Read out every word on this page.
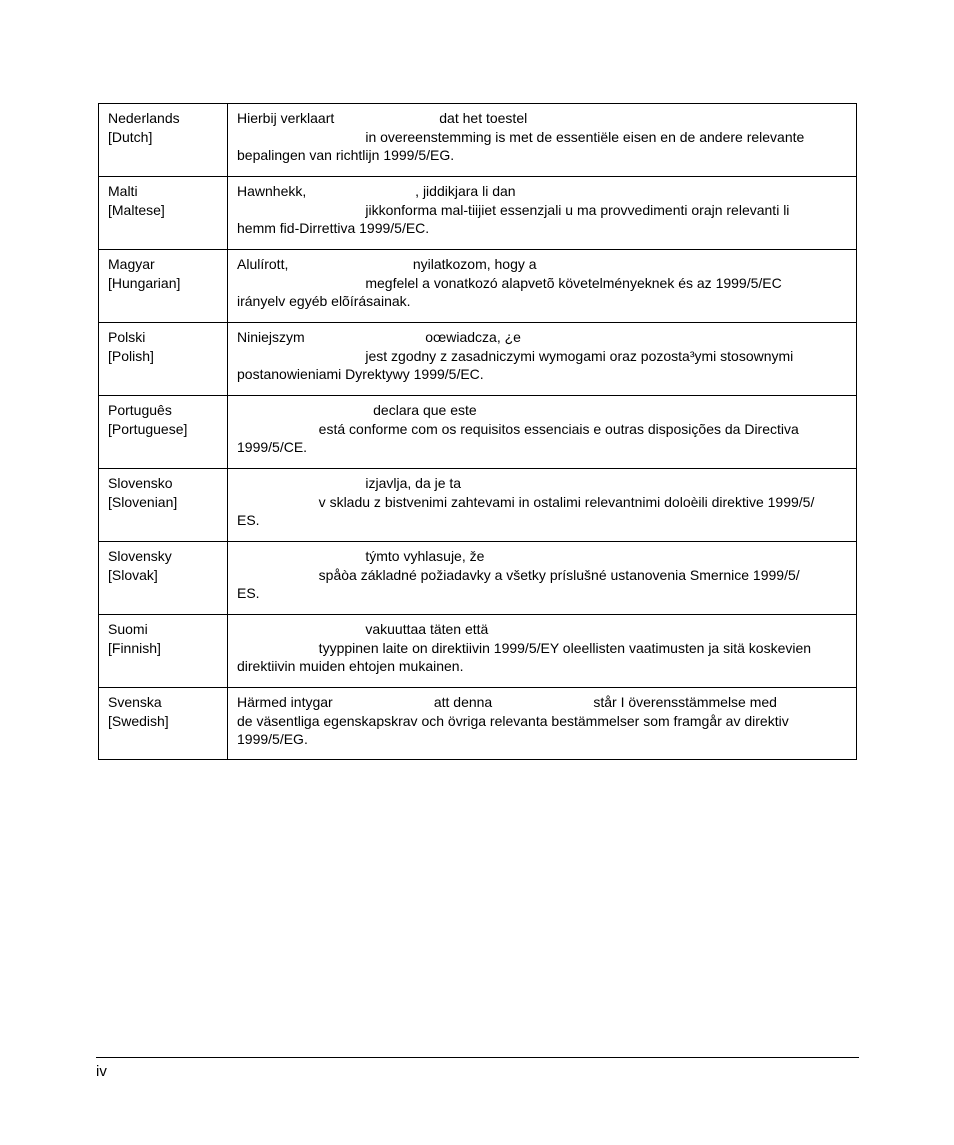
Nederlands
[Dutch]	Hierbij verklaart                           dat het toestel
in overeenstemming is met de essentiële eisen en de andere relevante
bepalingen van richtlijn 1999/5/EG.

Malti
[Maltese]	Hawnhekk,                            , jiddikjara li dan
jikkonforma mal-tiijiet essenzjali u ma provvedimenti orajn relevanti li
hemm fid-Dirrettiva 1999/5/EC.

Magyar
[Hungarian]	Alulírott,                                nyilatkozom, hogy a
megfelel a vonatkozó alapvetõ követelményeknek és az 1999/5/EC
irányelv egyéb elõírásainak.

Polski
[Polish]	Niniejszym                               oœwiadcza, ¿e
jest zgodny z zasadniczymi wymogami oraz pozosta³ymi stosownymi
postanowieniami Dyrektywy 1999/5/EC.

Português
[Portuguese]	declara que este
está conforme com os requisitos essenciais e outras disposições da Directiva
1999/5/CE.

Slovensko
[Slovenian]	izjavlja, da je ta
v skladu z bistvenimi zahtevami in ostalimi relevantnimi doloèili direktive 1999/5/
ES.

Slovensky
[Slovak]	týmto vyhlasuje, že
spåòa základné požiadavky a všetky príslušné ustanovenia Smernice 1999/5/
ES.

Suomi
[Finnish]	vakuuttaa täten että
tyyppinen laite on direktiivin 1999/5/EY oleellisten vaatimusten ja sitä koskevien
direktiivin muiden ehtojen mukainen.

Svenska
[Swedish]	Härmed intygar                          att denna                          står I överensstämmelse med
de väsentliga egenskapskrav och övriga relevanta bestämmelser som framgår av direktiv
1999/5/EG.
iv
